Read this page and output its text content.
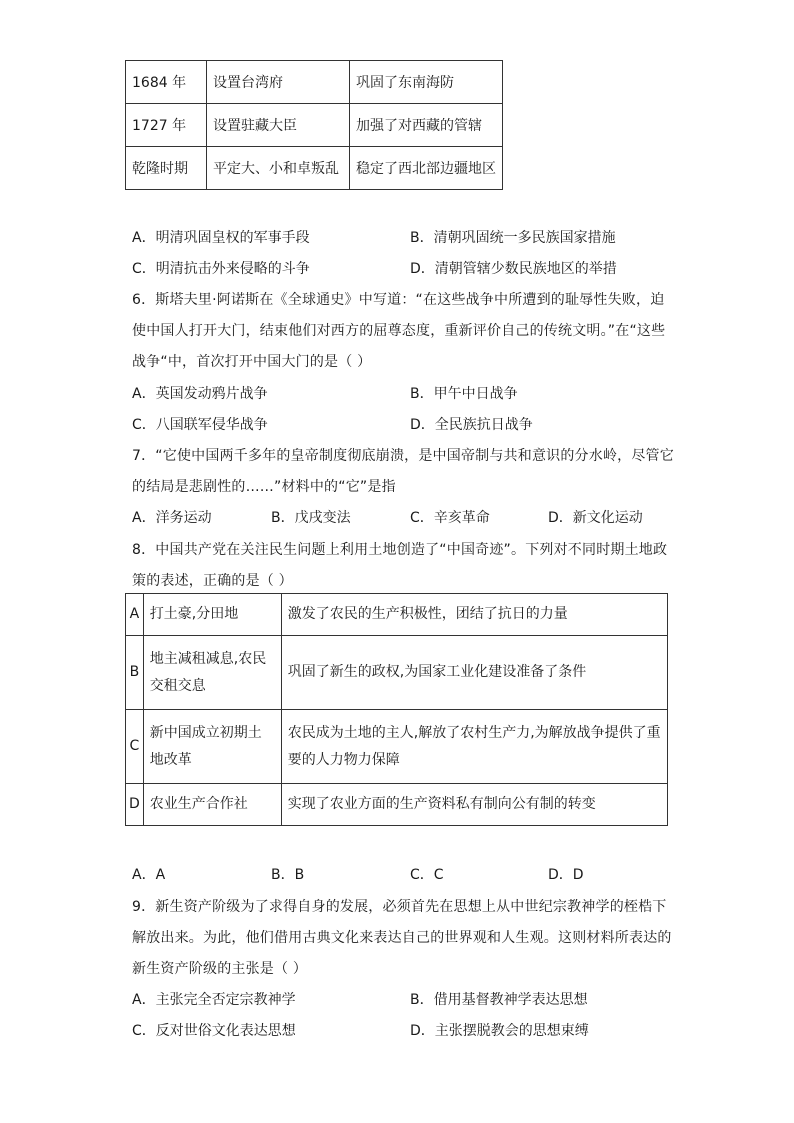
1684 年	设置台湾府	巩固了东南海防
1727 年	设置驻藏大臣	加强了对西藏的管辖
乾隆时期	平定大、小和卓叛乱	稳定了西北部边疆地区
A．明清巩固皇权的军事手段	B．清朝巩固统一多民族国家措施
C．明清抗击外来侵略的斗争	D．清朝管辖少数民族地区的举措
6．斯塔夫里·阿诺斯在《全球通史》中写道：“在这些战争中所遭到的耻辱性失败，迫
使中国人打开大门，结束他们对西方的屈尊态度，重新评价自己的传统文明。”在“这些
战争“中，首次打开中国大门的是（ ）
A．英国发动鸦片战争	B．甲午中日战争
C．八国联军侵华战争	D．全民族抗日战争
7．“它使中国两千多年的皇帝制度彻底崩溃，是中国帝制与共和意识的分水岭，尽管它
的结局是悲剧性的……”材料中的“它”是指
A．洋务运动	B．戊戌变法	C．辛亥革命	D．新文化运动
8．中国共产党在关注民生问题上利用土地创造了“中国奇迹”。下列对不同时期土地政
策的表述，正确的是（ ）
A	打土豪,分田地	激发了农民的生产积极性，团结了抗日的力量
B	地主减租减息,农民交租交息	巩固了新生的政权,为国家工业化建设准备了条件
C	新中国成立初期土地改革	农民成为土地的主人,解放了农村生产力,为解放战争提供了重要的人力物力保障
D	农业生产合作社	实现了农业方面的生产资料私有制向公有制的转变
A．A	B．B	C．C	D．D
9．新生资产阶级为了求得自身的发展，必须首先在思想上从中世纪宗教神学的桎梏下
解放出来。为此，他们借用古典文化来表达自己的世界观和人生观。这则材料所表达的
新生资产阶级的主张是（ ）
A．主张完全否定宗教神学	B．借用基督教神学表达思想
C．反对世俗文化表达思想	D．主张摆脱教会的思想束缚
